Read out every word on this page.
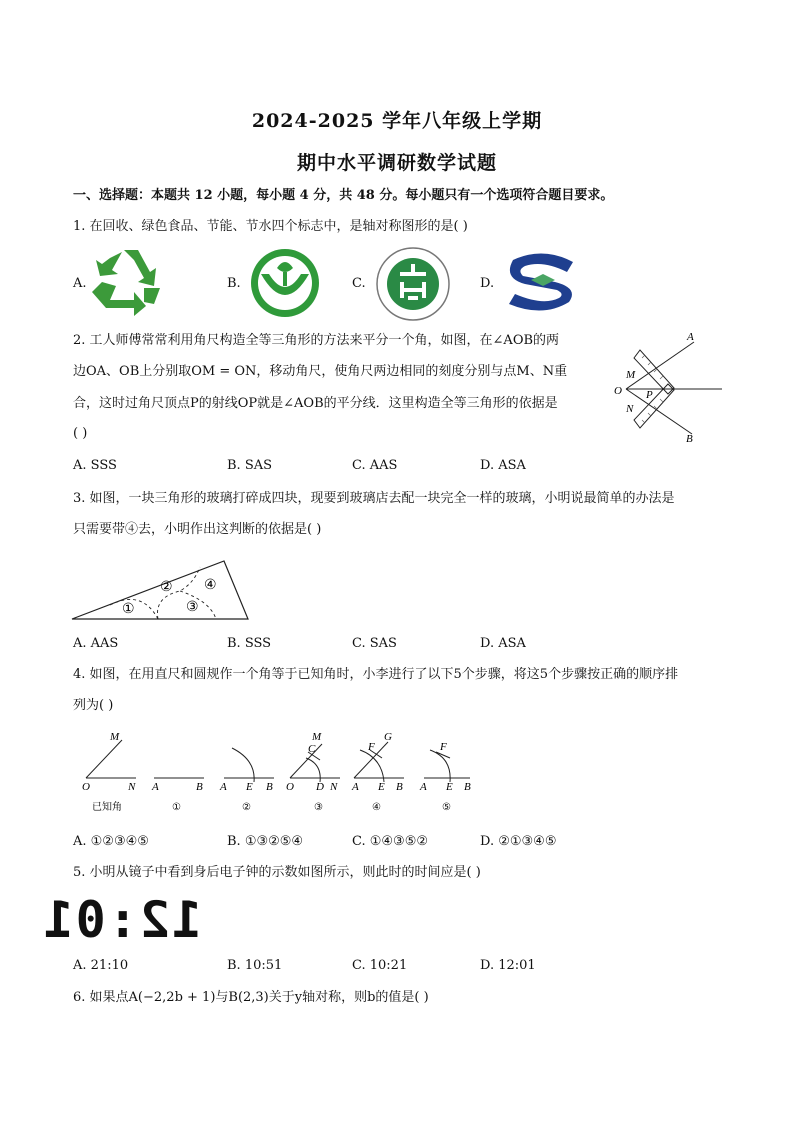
2024-2025 学年八年级上学期
期中水平调研数学试题
一、选择题：本题共 12 小题，每小题 4 分，共 48 分。每小题只有一个选项符合题目要求。
1. 在回收、绿色食品、节能、节水四个标志中，是轴对称图形的是( )
A.	B.	C.	D.
2. 工人师傅常常利用角尺构造全等三角形的方法来平分一个角，如图，在∠AOB的两
边OA、OB上分别取OM = ON，移动角尺，使角尺两边相同的刻度分别与点M、N重
合，这时过角尺顶点P的射线OP就是∠AOB的平分线．这里构造全等三角形的依据是
( )
A
B
O
M
N
P
A. SSS	B. SAS	C. AAS	D. ASA
3. 如图，一块三角形的玻璃打碎成四块，现要到玻璃店去配一块完全一样的玻璃，小明说最简单的办法是
只需要带④去，小明作出这判断的依据是( )
①
②
③
④
A. AAS	B. SSS	C. SAS	D. ASA
4. 如图，在用直尺和圆规作一个角等于已知角时，小李进行了以下5个步骤，将这5个步骤按正确的顺序排
列为( )
M
O	N A	B A E B
M
C
O D N
G
F
A E B
F
A E B
已知角	①	②	③	④	⑤
A. ①②③④⑤	B. ①③②⑤④	C. ①④③⑤②	D. ②①③④⑤
5. 小明从镜子中看到身后电子钟的示数如图所示，则此时的时间应是( )
12:01
A. 21:10	B. 10:51	C. 10:21	D. 12:01
6. 如果点A(−2,2b + 1)与B(2,3)关于y轴对称，则b的值是( )
